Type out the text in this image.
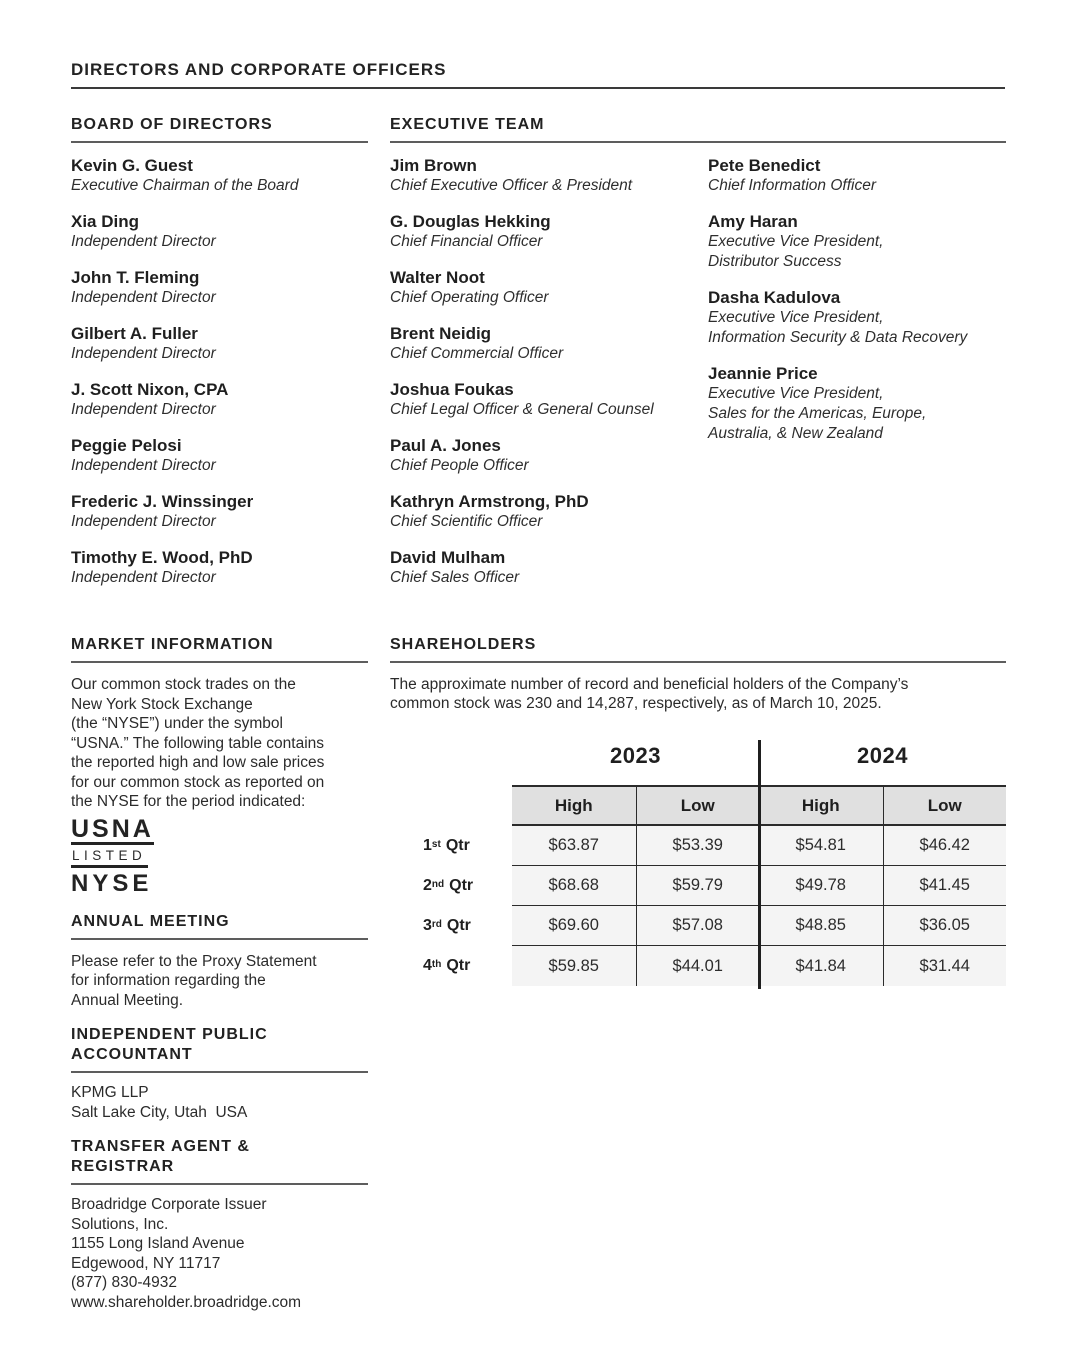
DIRECTORS AND CORPORATE OFFICERS
BOARD OF DIRECTORS
Kevin G. Guest
Executive Chairman of the Board
Xia Ding
Independent Director
John T. Fleming
Independent Director
Gilbert A. Fuller
Independent Director
J. Scott Nixon, CPA
Independent Director
Peggie Pelosi
Independent Director
Frederic J. Winssinger
Independent Director
Timothy E. Wood, PhD
Independent Director
EXECUTIVE TEAM
Jim Brown
Chief Executive Officer & President
G. Douglas Hekking
Chief Financial Officer
Walter Noot
Chief Operating Officer
Brent Neidig
Chief Commercial Officer
Joshua Foukas
Chief Legal Officer & General Counsel
Paul A. Jones
Chief People Officer
Kathryn Armstrong, PhD
Chief Scientific Officer
David Mulham
Chief Sales Officer
Pete Benedict
Chief Information Officer
Amy Haran
Executive Vice President,
Distributor Success
Dasha Kadulova
Executive Vice President,
Information Security & Data Recovery
Jeannie Price
Executive Vice President,
Sales for the Americas, Europe,
Australia, & New Zealand
MARKET INFORMATION
Our common stock trades on the
New York Stock Exchange
(the “NYSE”) under the symbol
“USNA.” The following table contains
the reported high and low sale prices
for our common stock as reported on
the NYSE for the period indicated:
USNA
LISTED
NYSE
ANNUAL MEETING
Please refer to the Proxy Statement
for information regarding the
Annual Meeting.
INDEPENDENT PUBLIC
ACCOUNTANT
KPMG LLP
Salt Lake City, Utah  USA
TRANSFER AGENT &
REGISTRAR
Broadridge Corporate Issuer
Solutions, Inc.
1155 Long Island Avenue
Edgewood, NY 11717
(877) 830-4932
www.shareholder.broadridge.com
SHAREHOLDERS
The approximate number of record and beneficial holders of the Company’s
common stock was 230 and 14,287, respectively, as of March 10, 2025.
2023	2024
High	Low	High	Low
1st Qtr	$63.87	$53.39	$54.81	$46.42
2nd Qtr	$68.68	$59.79	$49.78	$41.45
3rd Qtr	$69.60	$57.08	$48.85	$36.05
4th Qtr	$59.85	$44.01	$41.84	$31.44
